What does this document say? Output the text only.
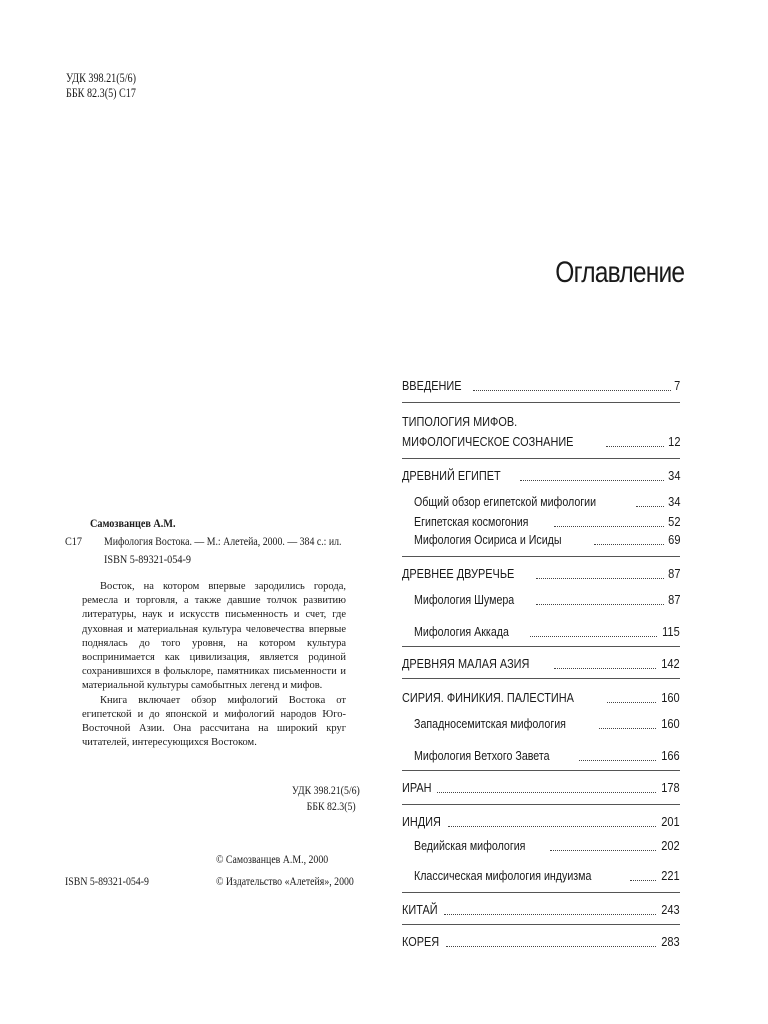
УДК 398.21(5/6)
ББК 82.3(5) С17
Оглавление
ВВЕДЕНИЕ	7
ТИПОЛОГИЯ МИФОВ.
МИФОЛОГИЧЕСКОЕ СОЗНАНИЕ	12
ДРЕВНИЙ ЕГИПЕТ	34
Общий обзор египетской мифологии	34
Египетская космогония	52
Мифология Осириса и Исиды	69
ДРЕВНЕЕ ДВУРЕЧЬЕ	87
Мифология Шумера	87
Мифология Аккада	115
ДРЕВНЯЯ МАЛАЯ АЗИЯ	142
СИРИЯ. ФИНИКИЯ. ПАЛЕСТИНА	160
Западносемитская мифология	160
Мифология Ветхого Завета	166
ИРАН	178
ИНДИЯ	201
Ведийская мифология	202
Классическая мифология индуизма	221
КИТАЙ	243
КОРЕЯ	283
Самозванцев А.М.
С17 Мифология Востока. — М.: Алетейа, 2000. — 384 с.: ил.
ISBN 5-89321-054-9

Восток, на котором впервые зародились города, ремесла и торговля, а также давшие толчок развитию литературы, наук и искусств письменность и счет, где духовная и материальная культура человечества впервые поднялась до того уровня, на котором культура воспринимается как цивилизация, является родиной сохранившихся в фольклоре, памятниках письменности и материальной культуры самобытных легенд и мифов.

Книга включает обзор мифологий Востока от египетской и до японской и мифологий народов Юго-Восточной Азии. Она рассчитана на широкий круг читателей, интересующихся Востоком.

УДК 398.21(5/6)
ББК 82.3(5)
© Самозванцев А.М., 2000
ISBN 5-89321-054-9	© Издательство «Алетейя», 2000
